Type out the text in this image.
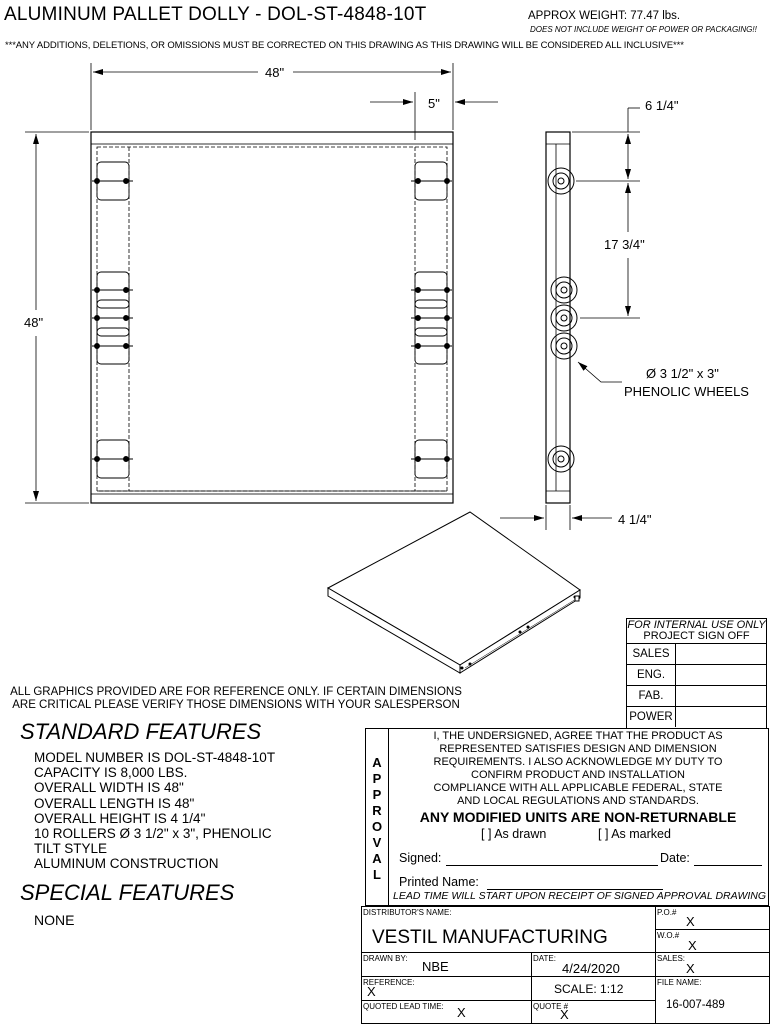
ALUMINUM PALLET DOLLY - DOL-ST-4848-10T	APPROX WEIGHT: 77.47 lbs.
DOES NOT INCLUDE WEIGHT OF POWER OR PACKAGING!!
***ANY ADDITIONS, DELETIONS, OR OMISSIONS MUST BE CORRECTED ON THIS DRAWING AS THIS DRAWING WILL BE CONSIDERED ALL INCLUSIVE***
48"
5"
48"
6 1/4"
17 3/4"
Ø 3 1/2" x 3"
PHENOLIC WHEELS
4 1/4"
ALL GRAPHICS PROVIDED ARE FOR REFERENCE ONLY. IF CERTAIN DIMENSIONS
ARE CRITICAL PLEASE VERIFY THOSE DIMENSIONS WITH YOUR SALESPERSON
FOR INTERNAL USE ONLY
PROJECT SIGN OFF
SALES
ENG.
FAB.
POWER
STANDARD FEATURES
MODEL NUMBER IS DOL-ST-4848-10T
CAPACITY IS 8,000 LBS.
OVERALL WIDTH IS 48"
OVERALL LENGTH IS 48"
OVERALL HEIGHT IS 4 1/4"
10 ROLLERS Ø 3 1/2" x 3", PHENOLIC
TILT STYLE
ALUMINUM CONSTRUCTION
SPECIAL FEATURES
NONE
A
P
P
R
O
V
A
L
I, THE UNDERSIGNED, AGREE THAT THE PRODUCT AS
REPRESENTED SATISFIES DESIGN AND DIMENSION
REQUIREMENTS. I ALSO ACKNOWLEDGE MY DUTY TO
CONFIRM PRODUCT AND INSTALLATION
COMPLIANCE WITH ALL APPLICABLE FEDERAL, STATE
AND LOCAL REGULATIONS AND STANDARDS.
ANY MODIFIED UNITS ARE NON-RETURNABLE
[ ] As drawn	[ ] As marked
Signed:	Date:
Printed Name:
LEAD TIME WILL START UPON RECEIPT OF SIGNED APPROVAL DRAWING
DISTRIBUTOR'S NAME:
VESTIL MANUFACTURING
P.O.#
X
W.O.#
X
DRAWN BY:
NBE
DATE:
4/24/2020
SALES:
X
REFERENCE:
X	SCALE: 1:12	FILE NAME:
16-007-489
QUOTED LEAD TIME: X	QUOTE #
X
